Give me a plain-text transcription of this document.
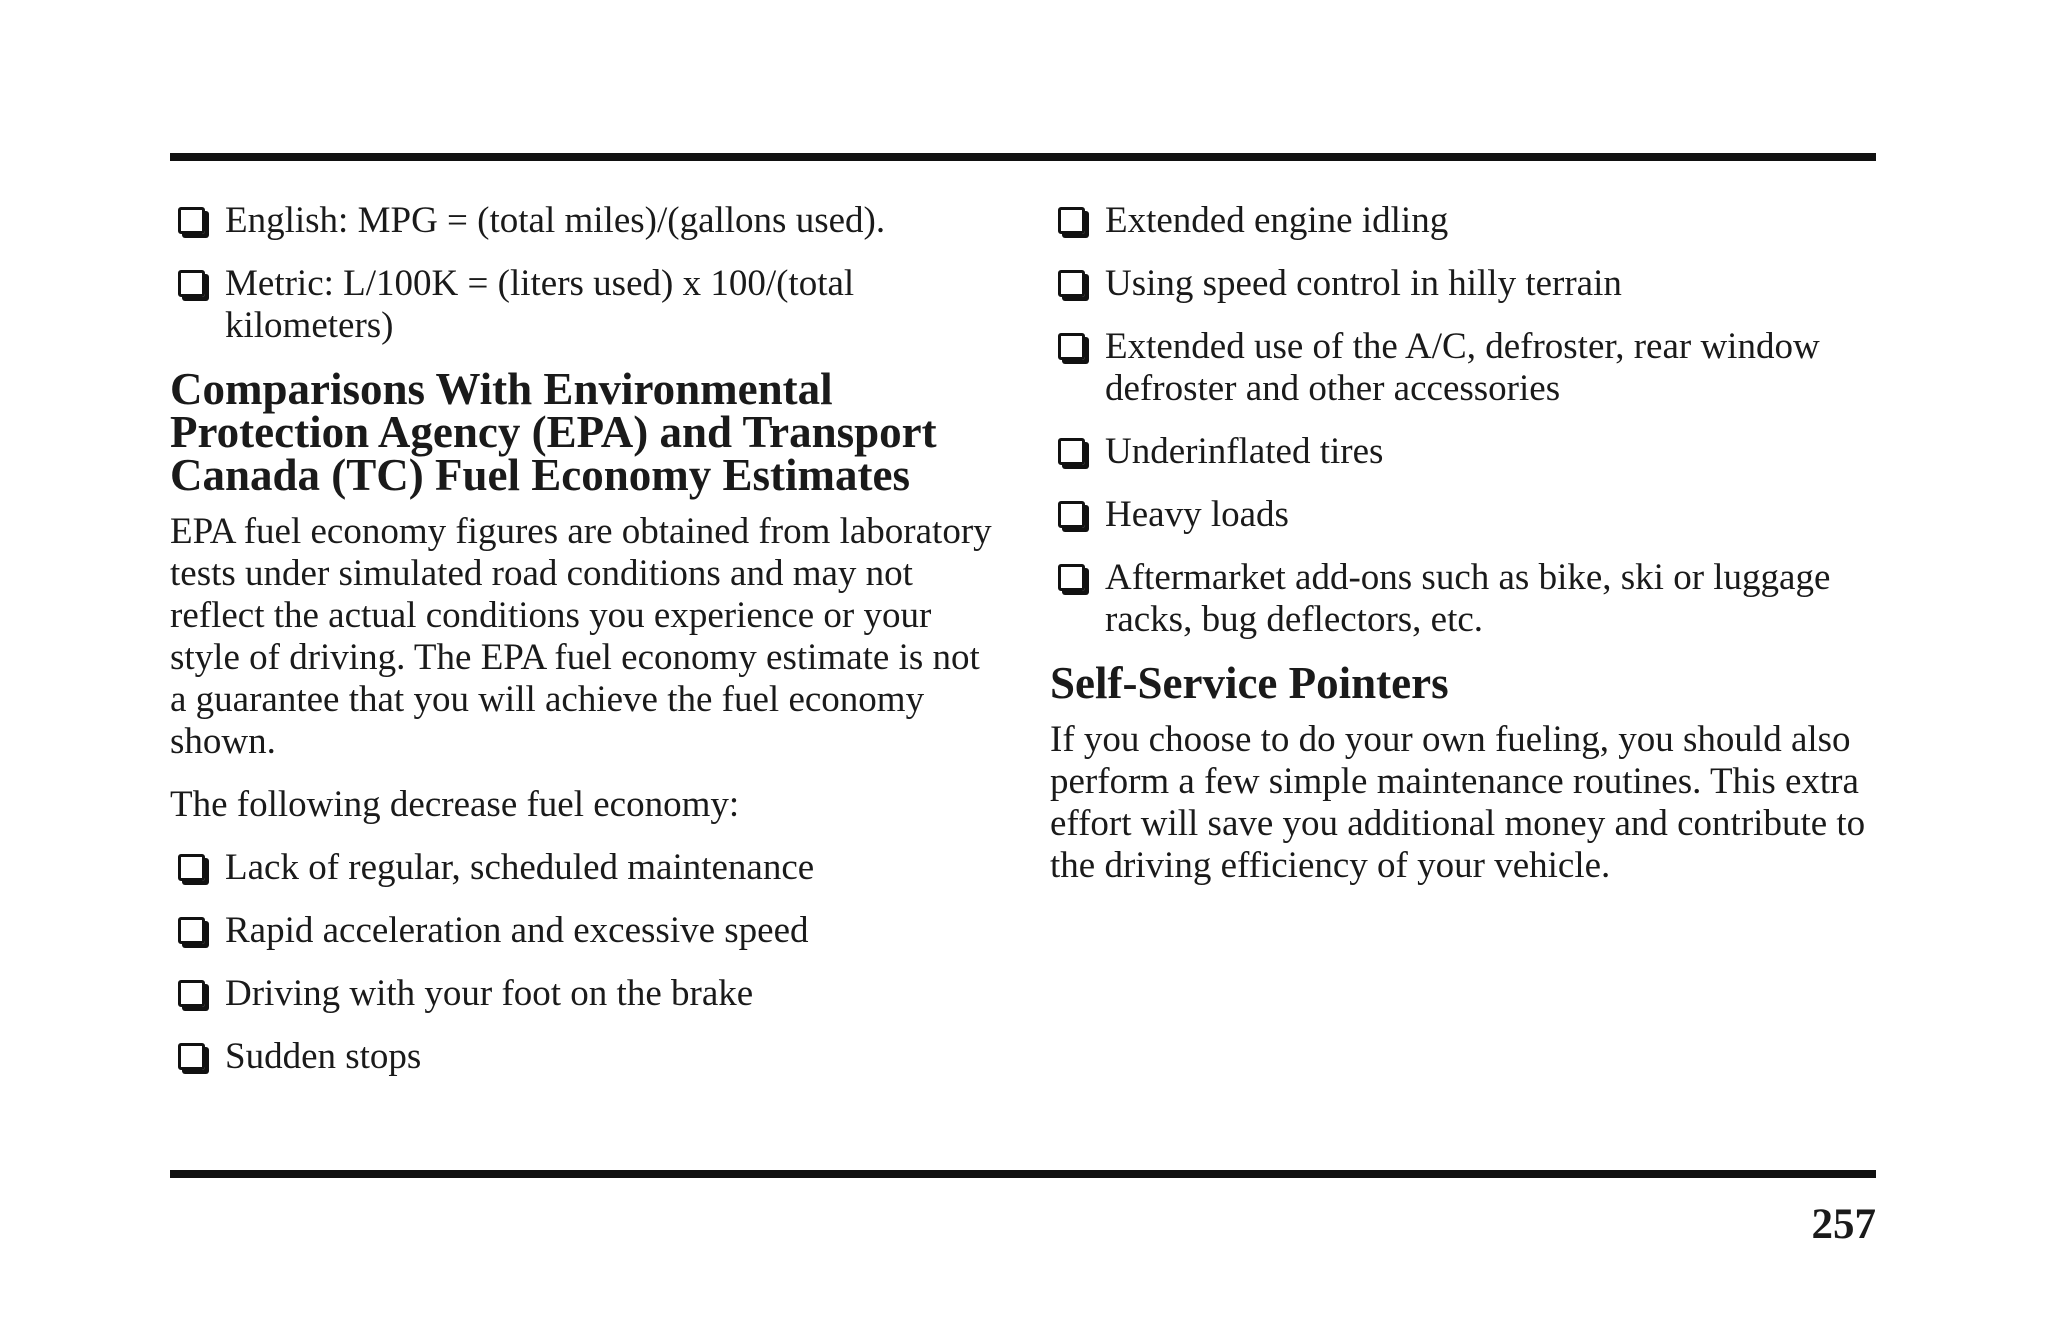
English: MPG = (total miles)/(gallons used).
Metric: L/100K = (liters used) x 100/(total kilometers)
Comparisons With Environmental Protection Agency (EPA) and Transport Canada (TC) Fuel Economy Estimates
EPA fuel economy figures are obtained from laboratory tests under simulated road conditions and may not reflect the actual conditions you experience or your style of driving. The EPA fuel economy estimate is not a guarantee that you will achieve the fuel economy shown.
The following decrease fuel economy:
Lack of regular, scheduled maintenance
Rapid acceleration and excessive speed
Driving with your foot on the brake
Sudden stops
Extended engine idling
Using speed control in hilly terrain
Extended use of the A/C, defroster, rear window defroster and other accessories
Underinflated tires
Heavy loads
Aftermarket add-ons such as bike, ski or luggage racks, bug deflectors, etc.
Self-Service Pointers
If you choose to do your own fueling, you should also perform a few simple maintenance routines. This extra effort will save you additional money and contribute to the driving efficiency of your vehicle.
257
